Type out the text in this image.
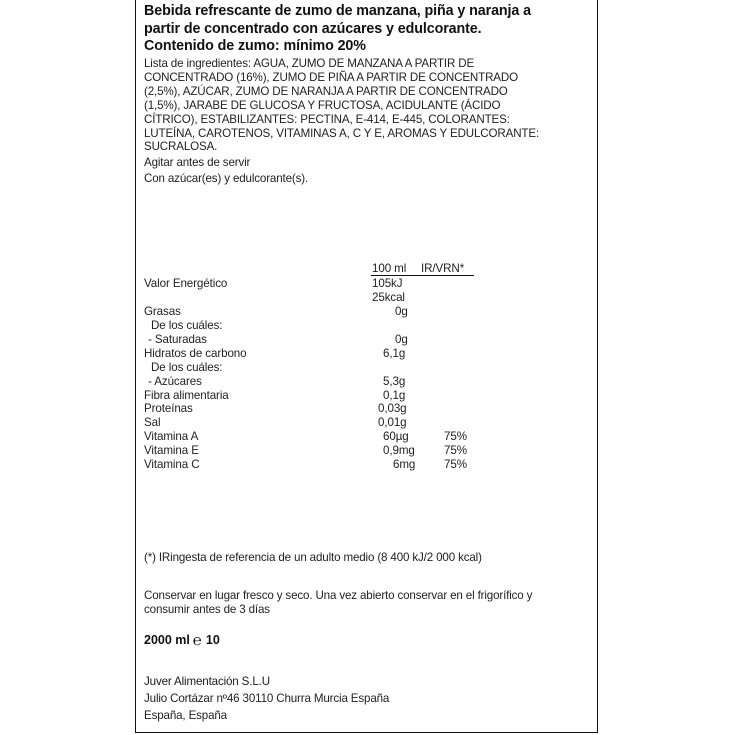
Bebida refrescante de zumo de manzana, piña y naranja a
partir de concentrado con azúcares y edulcorante.
Contenido de zumo: mínimo 20%
Lista de ingredientes: AGUA, ZUMO DE MANZANA A PARTIR DE
CONCENTRADO (16%), ZUMO DE PIÑA A PARTIR DE CONCENTRADO
(2,5%), AZÚCAR, ZUMO DE NARANJA A PARTIR DE CONCENTRADO
(1,5%), JARABE DE GLUCOSA Y FRUCTOSA, ACIDULANTE (ÁCIDO
CÍTRICO), ESTABILIZANTES: PECTINA, E-414, E-445, COLORANTES:
LUTEÍNA, CAROTENOS, VITAMINAS A, C Y E, AROMAS Y EDULCORANTE:
SUCRALOSA.
Agitar antes de servir
Con azúcar(es) y edulcorante(s).
100 ml IR/VRN*
Valor Energético	105kJ
25kcal
Grasas	0g
De los cuáles:
- Saturadas	0g
Hidratos de carbono	6,1g
De los cuáles:
- Azúcares	5,3g
Fibra alimentaria	0,1g
Proteínas	0,03g
Sal	0,01g
Vitamina A	60µg	75%
Vitamina E	0,9mg	75%
Vitamina C	6mg 75%
(*) IRingesta de referencia de un adulto medio (8 400 kJ/2 000 kcal)
Conservar en lugar fresco y seco. Una vez abierto conservar en el frigorífico y
consumir antes de 3 días
2000 ml ℮ 10
Juver Alimentación S.L.U
Julio Cortázar nº46 30110 Churra Murcia España
España, España
